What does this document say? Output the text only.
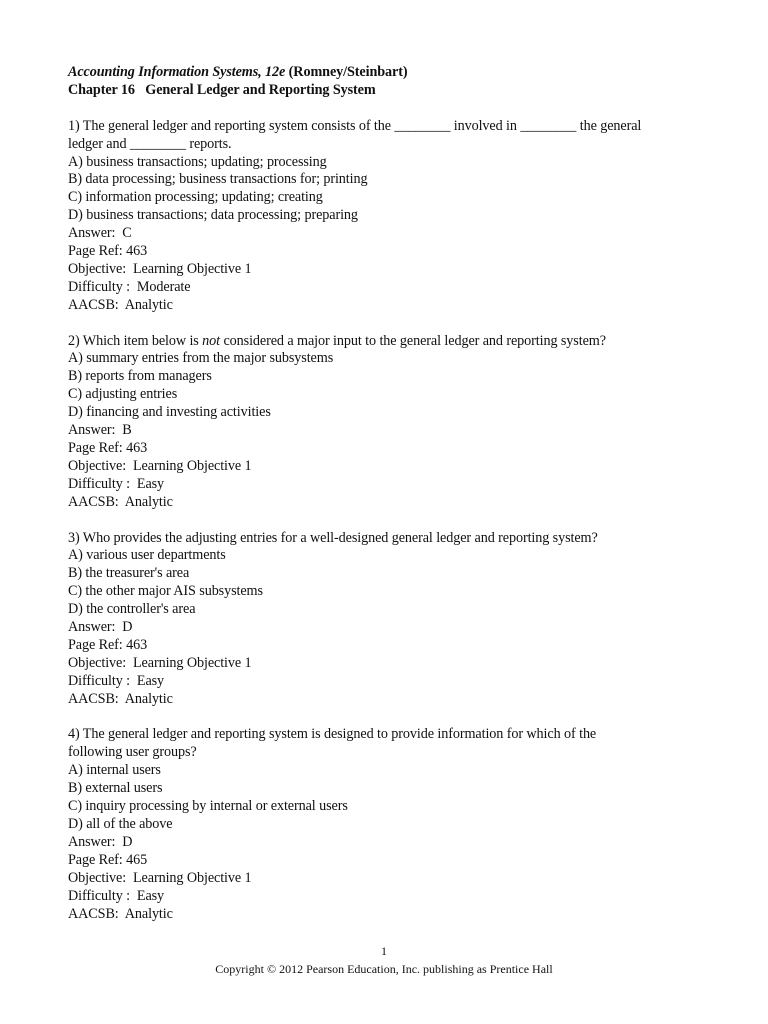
Accounting Information Systems, 12e (Romney/Steinbart)
Chapter 16   General Ledger and Reporting System
1) The general ledger and reporting system consists of the ________ involved in ________ the general
ledger and ________ reports.
A) business transactions; updating; processing
B) data processing; business transactions for; printing
C) information processing; updating; creating
D) business transactions; data processing; preparing
Answer:  C
Page Ref: 463
Objective:  Learning Objective 1
Difficulty :  Moderate
AACSB:  Analytic
2) Which item below is not considered a major input to the general ledger and reporting system?
A) summary entries from the major subsystems
B) reports from managers
C) adjusting entries
D) financing and investing activities
Answer:  B
Page Ref: 463
Objective:  Learning Objective 1
Difficulty :  Easy
AACSB:  Analytic
3) Who provides the adjusting entries for a well-designed general ledger and reporting system?
A) various user departments
B) the treasurer's area
C) the other major AIS subsystems
D) the controller's area
Answer:  D
Page Ref: 463
Objective:  Learning Objective 1
Difficulty :  Easy
AACSB:  Analytic
4) The general ledger and reporting system is designed to provide information for which of the
following user groups?
A) internal users
B) external users
C) inquiry processing by internal or external users
D) all of the above
Answer:  D
Page Ref: 465
Objective:  Learning Objective 1
Difficulty :  Easy
AACSB:  Analytic
1
Copyright © 2012 Pearson Education, Inc. publishing as Prentice Hall
